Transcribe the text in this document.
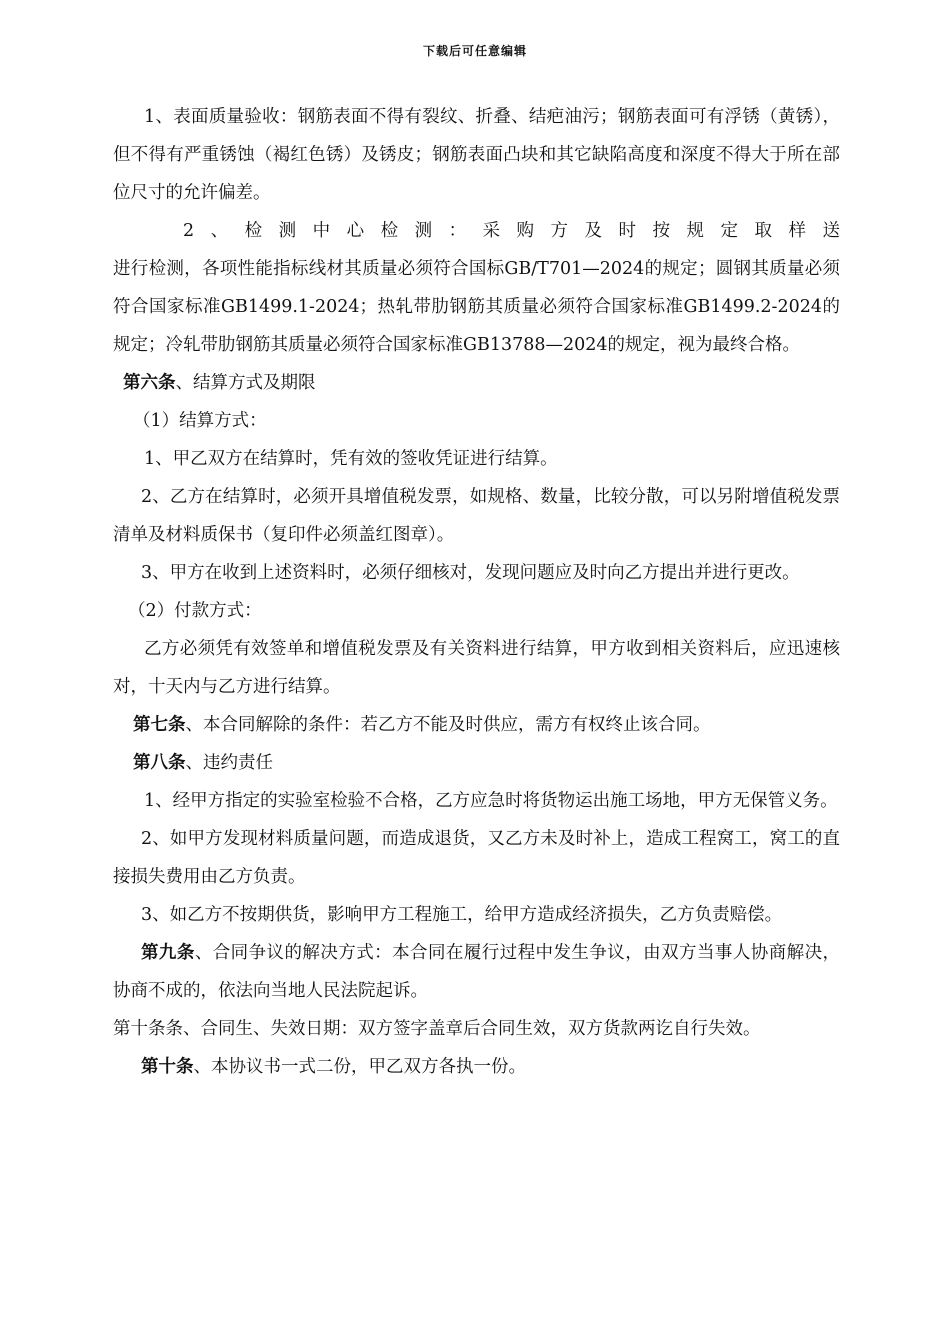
下载后可任意编辑

1、表面质量验收：钢筋表面不得有裂纹、折叠、结疤油污；钢筋表面可有浮锈（黄锈），但不得有严重锈蚀（褐红色锈）及锈皮；钢筋表面凸块和其它缺陷高度和深度不得大于所在部位尺寸的允许偏差。

2、检测中心检测：采购方及时按规定取样送

进行检测，各项性能指标线材其质量必须符合国标GB/T701—2024的规定；圆钢其质量必须符合国家标准GB1499.1-2024；热轧带肋钢筋其质量必须符合国家标准GB1499.2-2024的规定；冷轧带肋钢筋其质量必须符合国家标准GB13788—2024的规定，视为最终合格。

第六条、结算方式及期限

（1）结算方式：

1、甲乙双方在结算时，凭有效的签收凭证进行结算。

2、乙方在结算时，必须开具增值税发票，如规格、数量，比较分散，可以另附增值税发票清单及材料质保书（复印件必须盖红图章）。

3、甲方在收到上述资料时，必须仔细核对，发现问题应及时向乙方提出并进行更改。

（2）付款方式：

乙方必须凭有效签单和增值税发票及有关资料进行结算，甲方收到相关资料后，应迅速核对，十天内与乙方进行结算。

第七条、本合同解除的条件：若乙方不能及时供应，需方有权终止该合同。

第八条、违约责任

1、经甲方指定的实验室检验不合格，乙方应急时将货物运出施工场地，甲方无保管义务。

2、如甲方发现材料质量问题，而造成退货，又乙方未及时补上，造成工程窝工，窝工的直接损失费用由乙方负责。

3、如乙方不按期供货，影响甲方工程施工，给甲方造成经济损失，乙方负责赔偿。

第九条、合同争议的解决方式：本合同在履行过程中发生争议，由双方当事人协商解决，协商不成的，依法向当地人民法院起诉。

第十条条、合同生、失效日期：双方签字盖章后合同生效，双方货款两讫自行失效。

第十条、本协议书一式二份，甲乙双方各执一份。
